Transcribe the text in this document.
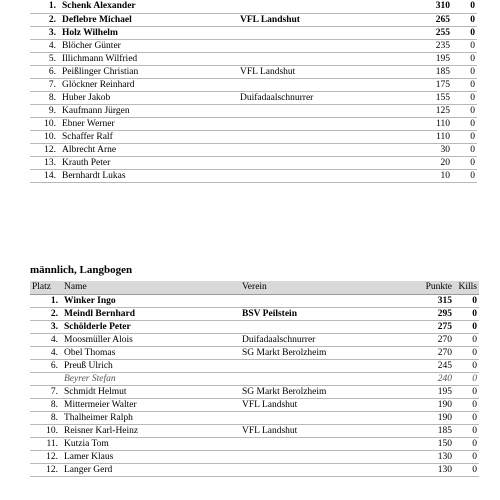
1.	Schenk Alexander		310	0
2.	Deflebre Michael	VFL Landshut	265	0
3.	Holz Wilhelm		255	0
4.	Blöcher Günter		235	0
5.	Illichmann Wilfried		195	0
6.	Peißlinger Christian	VFL Landshut	185	0
7.	Glöckner Reinhard		175	0
8.	Huber Jakob	Duifadaalschnurrer	155	0
9.	Kaufmann Jürgen		125	0
10.	Ebner Werner		110	0
10.	Schaffer Ralf		110	0
12.	Albrecht Arne		30	0
13.	Krauth Peter		20	0
14.	Bernhardt Lukas		10	0
männlich, Langbogen
Platz	Name	Verein	Punkte	Kills
1.	Winker Ingo		315	0
2.	Meindl Bernhard	BSV Peilstein	295	0
3.	Schölderle Peter		275	0
4.	Moosmüller Alois	Duifadaalschnurrer	270	0
4.	Obel Thomas	SG Markt Berolzheim	270	0
6.	Preuß Ulrich		245	0
	Beyrer Stefan		240	0
7.	Schmidt Helmut	SG Markt Berolzheim	195	0
8.	Mittermeier Walter	VFL Landshut	190	0
8.	Thalheimer Ralph		190	0
10.	Reisner Karl-Heinz	VFL Landshut	185	0
11.	Kutzia Tom		150	0
12.	Lamer Klaus		130	0
12.	Langer Gerd		130	0
